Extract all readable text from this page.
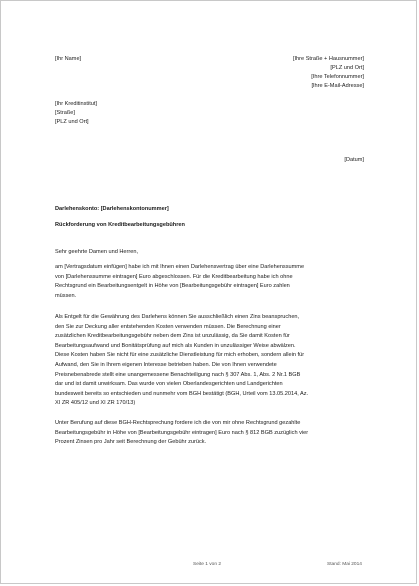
[Ihr Name]	[Ihre Straße + Hausnummer]
[PLZ und Ort]
[Ihre Telefonnummer]
[Ihre E-Mail-Adresse]
[Ihr Kreditinstitut]
[Straße]
[PLZ und Ort]
[Datum]
Darlehenskonto: [Darlehenskontonummer]
Rückforderung von Kreditbearbeitungsgebühren
Sehr geehrte Damen und Herren,
am [Vertragsdatum einfügen] habe ich mit Ihnen einen Darlehensvertrag über eine Darlehenssumme
von [Darlehenssumme eintragen] Euro abgeschlossen. Für die Kreditbearbeitung habe ich ohne
Rechtsgrund ein Bearbeitungsentgelt in Höhe von [Bearbeitungsgebühr eintragen] Euro zahlen
müssen.
Als Entgelt für die Gewährung des Darlehens können Sie ausschließlich einen Zins beanspruchen,
den Sie zur Deckung aller entstehenden Kosten verwenden müssen. Die Berechnung einer
zusätzlichen Kreditbearbeitungsgebühr neben dem Zins ist unzulässig, da Sie damit Kosten für
Bearbeitungsaufwand und Bonitätsprüfung auf mich als Kunden in unzulässiger Weise abwälzen.
Diese Kosten haben Sie nicht für eine zusätzliche Dienstleistung für mich erhoben, sondern allein für
Aufwand, den Sie in Ihrem eigenen Interesse betrieben haben. Die von Ihnen verwendete
Preisnebenabrede stellt eine unangemessene Benachteiligung nach § 307 Abs. 1, Abs. 2 Nr.1 BGB
dar und ist damit unwirksam. Das wurde von vielen Oberlandesgerichten und Landgerichten
bundesweit bereits so entschieden und nunmehr vom BGH bestätigt (BGH, Urteil vom 13.05.2014, Az.
XI ZR 405/12 und XI ZR 170/13)
Unter Berufung auf diese BGH-Rechtsprechung fordere ich die von mir ohne Rechtsgrund gezahlte
Bearbeitungsgebühr in Höhe von [Bearbeitungsgebühr eintragen] Euro nach § 812 BGB zuzüglich vier
Prozent Zinsen pro Jahr seit Berechnung der Gebühr zurück.
Seite 1 von 2	Stand: Mai 2014
